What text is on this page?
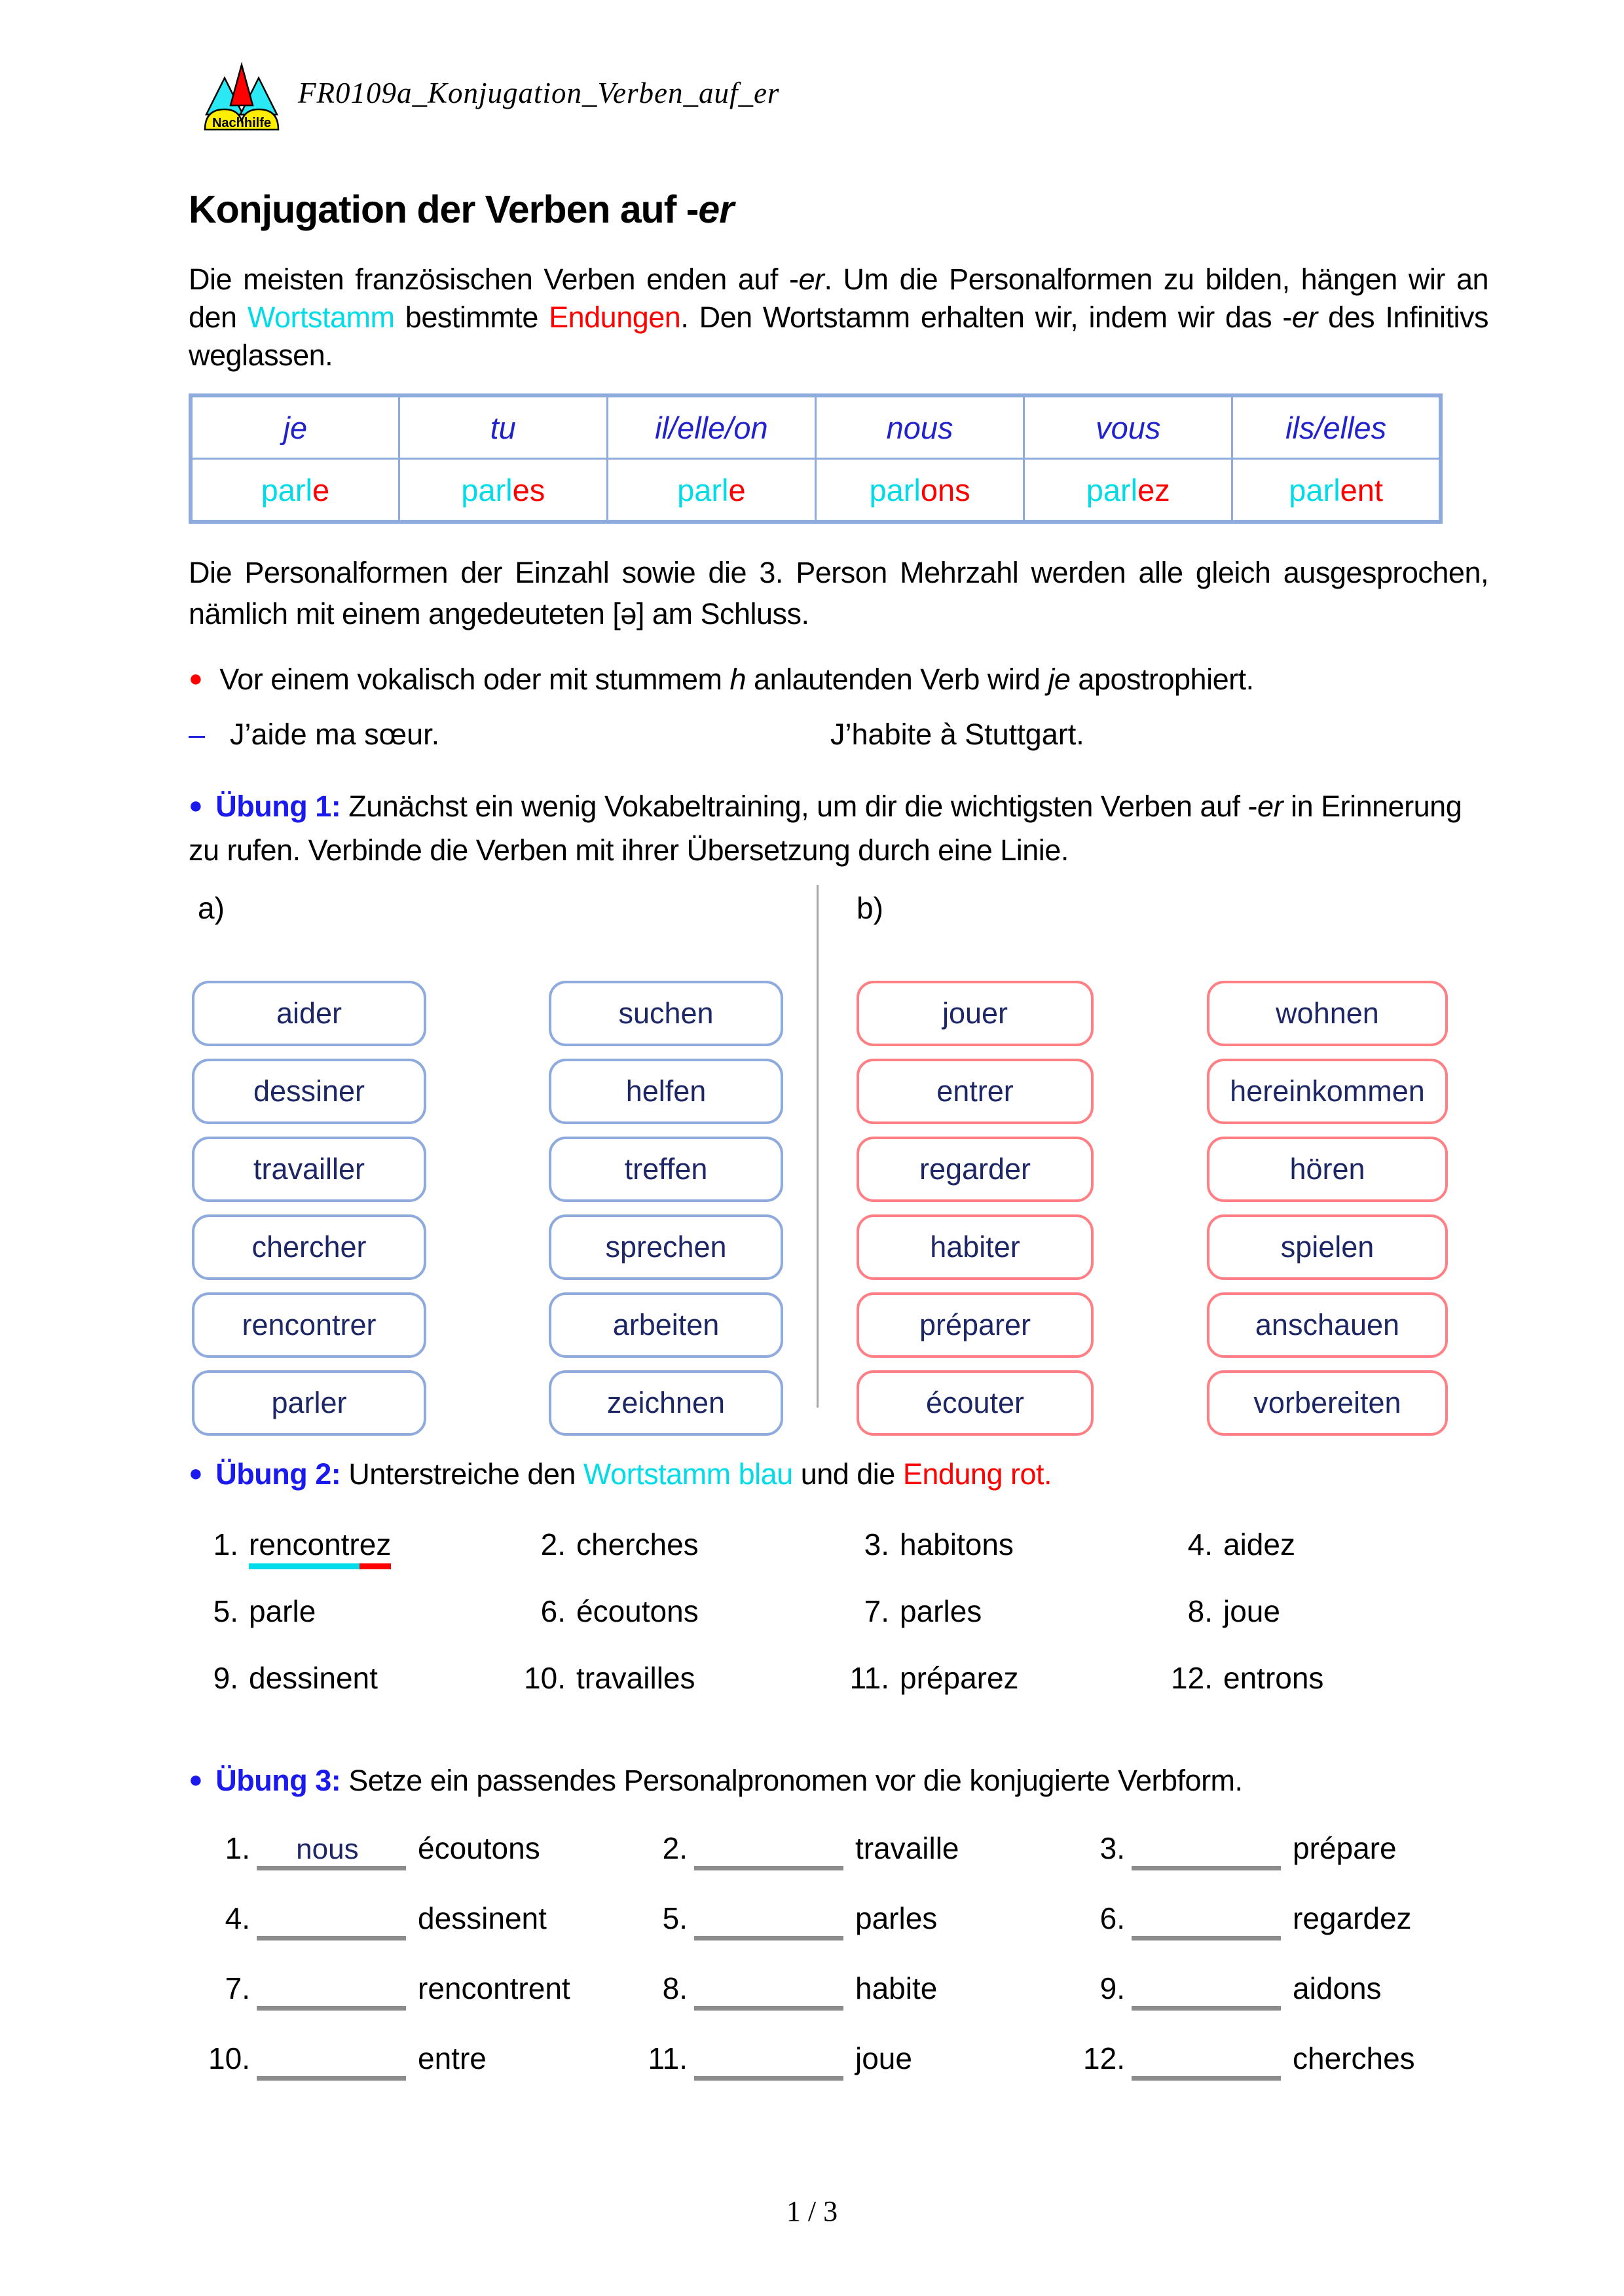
Nachhilfe
FR0109a_Konjugation_Verben_auf_er
Konjugation der Verben auf -er

Die meisten französischen Verben enden auf -er. Um die Personalformen zu bilden, hängen wir an den Wortstamm bestimmte Endungen. Den Wortstamm erhalten wir, indem wir das -er des Infinitivs weglassen.

je	tu	il/elle/on	nous	vous	ils/elles
parle	parles	parle	parlons	parlez	parlent

Die Personalformen der Einzahl sowie die 3. Person Mehrzahl werden alle gleich ausgesprochen, nämlich mit einem angedeuteten [ə] am Schluss.

● Vor einem vokalisch oder mit stummem h anlautenden Verb wird je apostrophiert.

– J’aide ma sœur.	J’habite à Stuttgart.

● Übung 1: Zunächst ein wenig Vokabeltraining, um dir die wichtigsten Verben auf -er in Erinnerung zu rufen. Verbinde die Verben mit ihrer Übersetzung durch eine Linie.

a)	b)
aider
dessiner
travailler
chercher
rencontrer
parler
suchen
helfen
treffen
sprechen
arbeiten
zeichnen
jouer
entrer
regarder
habiter
préparer
écouter
wohnen
hereinkommen
hören
spielen
anschauen
vorbereiten

● Übung 2: Unterstreiche den Wortstamm blau und die Endung rot.

1. rencontrez	2. cherches	3. habitons	4. aidez
5. parle	6. écoutons	7. parles	8. joue
9. dessinent	10. travailles	11. préparez	12. entrons

● Übung 3: Setze ein passendes Personalpronomen vor die konjugierte Verbform.

1. nous écoutons	2.	travaille	3.	prépare
4.	dessinent	5.	parles	6.	regardez
7.	rencontrent	8.	habite	9.	aidons
10.	entre	11.	joue	12.	cherches
1 / 3
